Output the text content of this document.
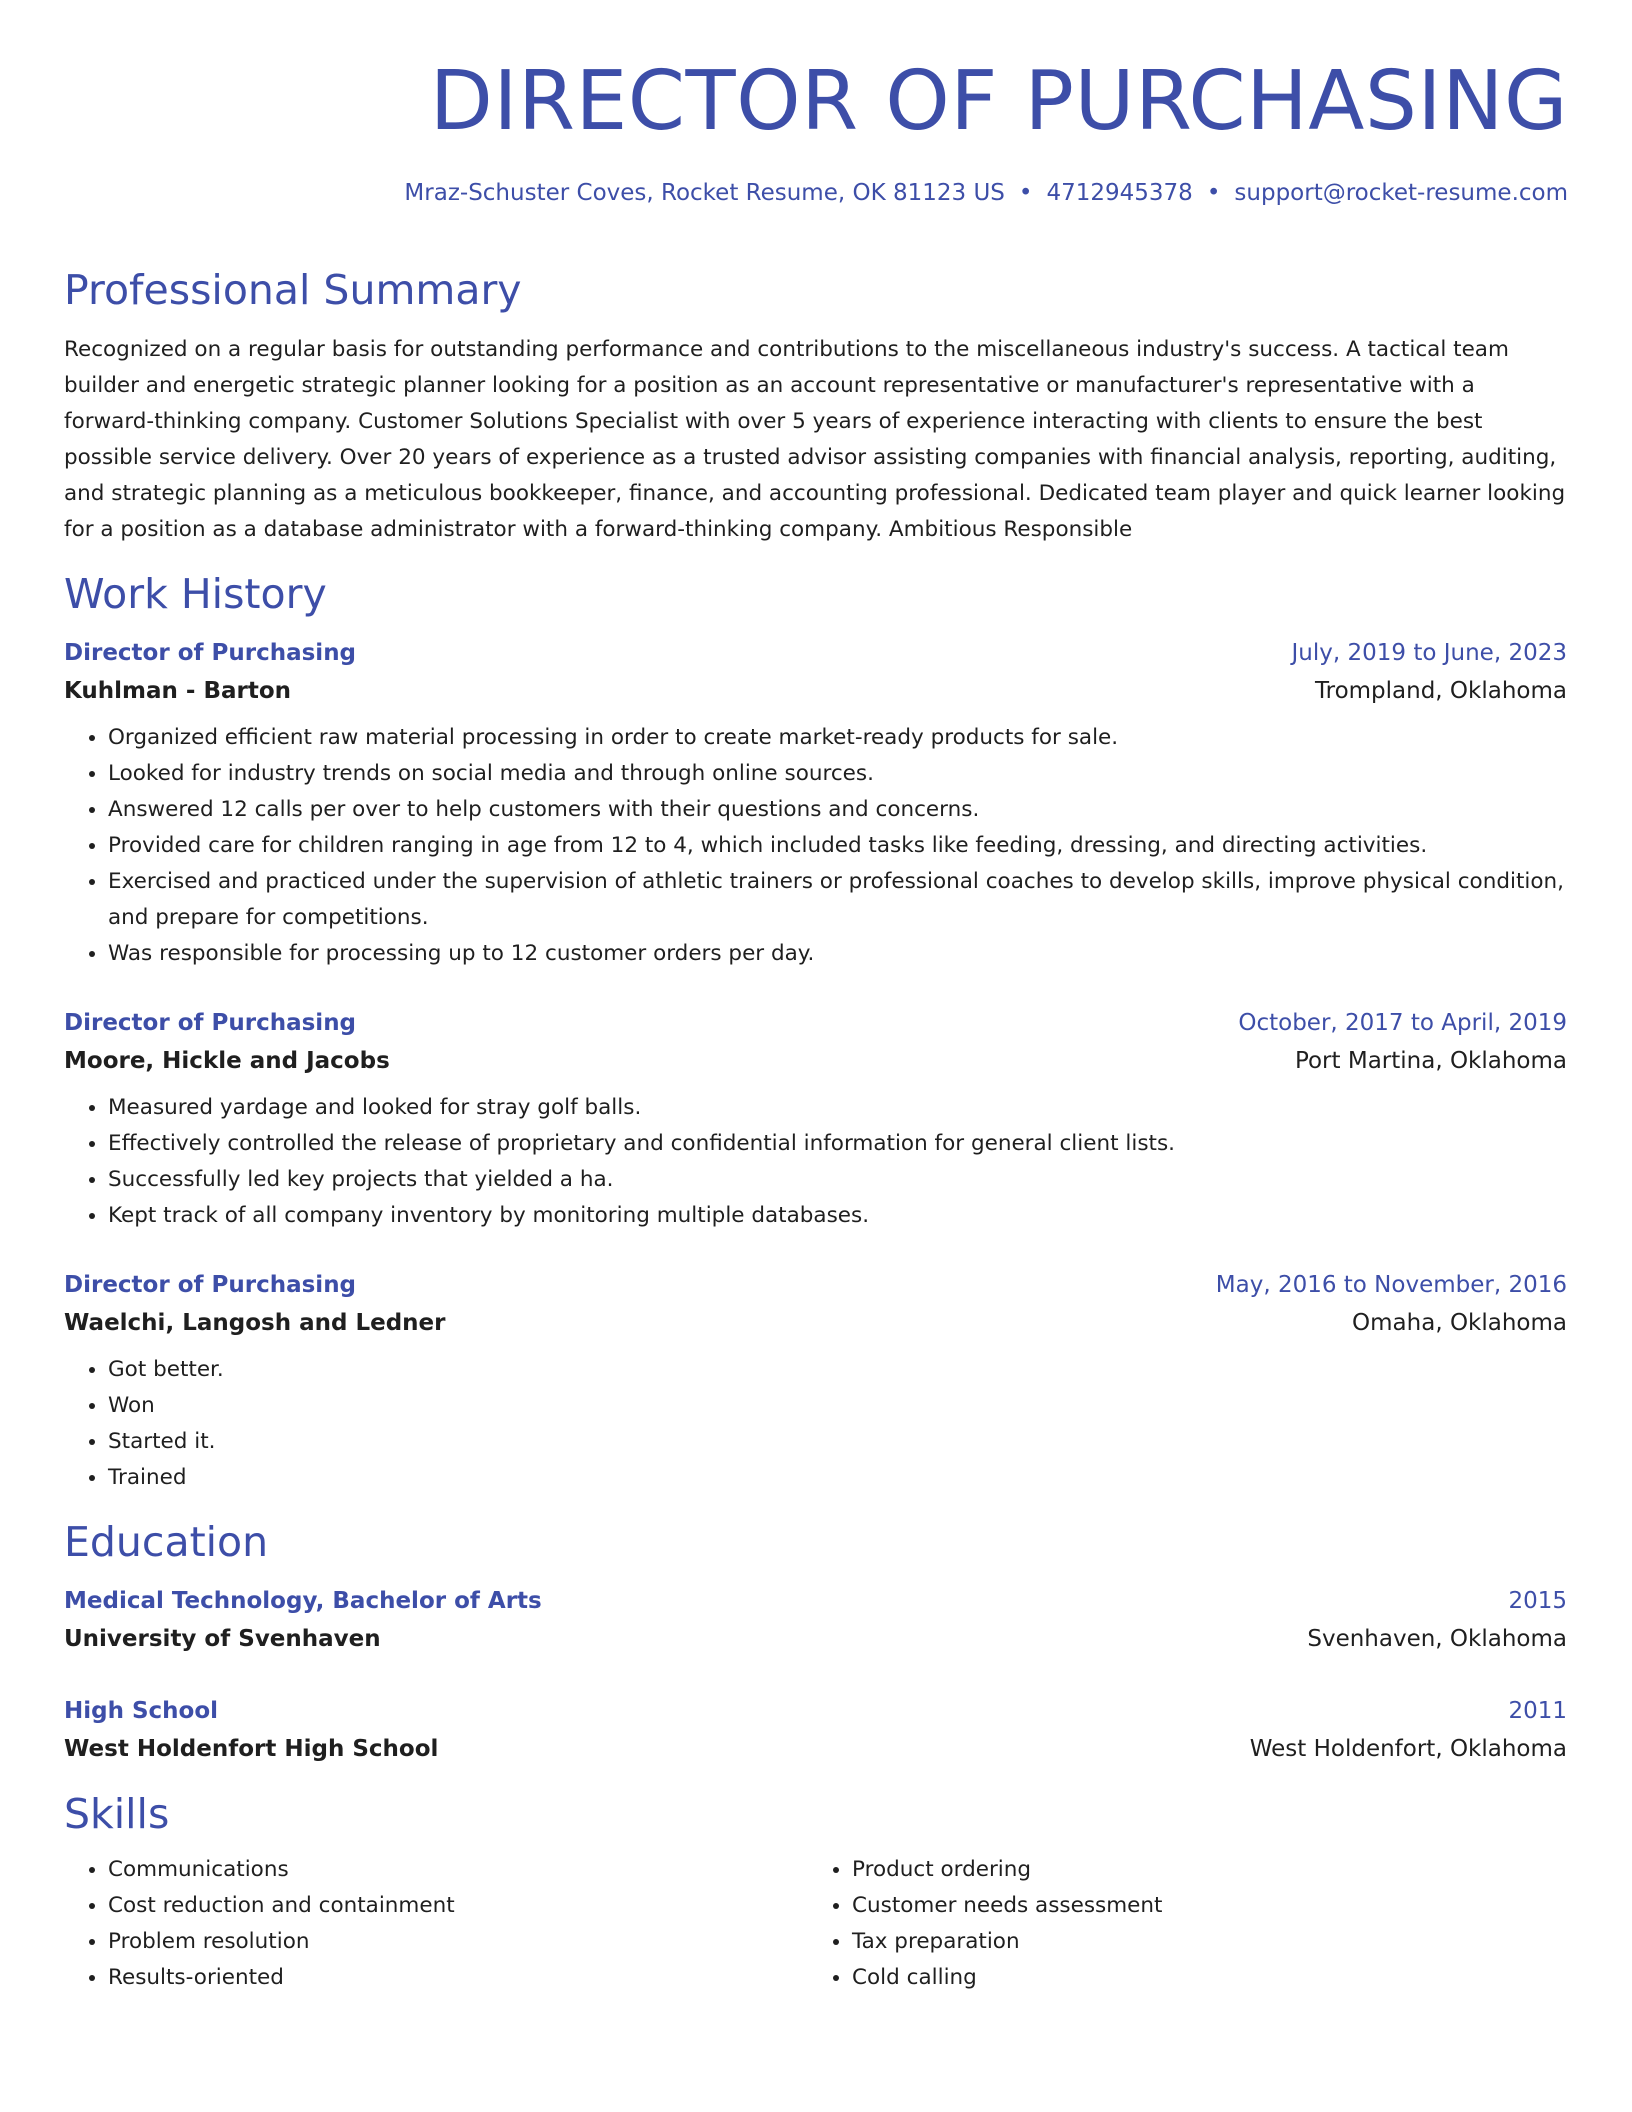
DIRECTOR OF PURCHASING
Mraz-Schuster Coves, Rocket Resume, OK 81123 US • 4712945378 • support@rocket-resume.com
Professional Summary

Recognized on a regular basis for outstanding performance and contributions to the miscellaneous industry's success. A tactical team builder and energetic strategic planner looking for a position as an account representative or manufacturer's representative with a forward-thinking company. Customer Solutions Specialist with over 5 years of experience interacting with clients to ensure the best possible service delivery. Over 20 years of experience as a trusted advisor assisting companies with financial analysis, reporting, auditing, and strategic planning as a meticulous bookkeeper, finance, and accounting professional. Dedicated team player and quick learner looking for a position as a database administrator with a forward-thinking company. Ambitious Responsible

Work History
Director of Purchasing	July, 2019 to June, 2023
Kuhlman - Barton	Trompland, Oklahoma
• Organized efficient raw material processing in order to create market-ready products for sale.
• Looked for industry trends on social media and through online sources.
• Answered 12 calls per over to help customers with their questions and concerns.
• Provided care for children ranging in age from 12 to 4, which included tasks like feeding, dressing, and directing activities.
• Exercised and practiced under the supervision of athletic trainers or professional coaches to develop skills, improve physical condition, and prepare for competitions.
• Was responsible for processing up to 12 customer orders per day.
Director of Purchasing	October, 2017 to April, 2019
Moore, Hickle and Jacobs	Port Martina, Oklahoma
• Measured yardage and looked for stray golf balls.
• Effectively controlled the release of proprietary and confidential information for general client lists.
• Successfully led key projects that yielded a ha.
• Kept track of all company inventory by monitoring multiple databases.
Director of Purchasing	May, 2016 to November, 2016
Waelchi, Langosh and Ledner	Omaha, Oklahoma
• Got better.
• Won
• Started it.
• Trained
Education
Medical Technology, Bachelor of Arts	2015
University of Svenhaven	Svenhaven, Oklahoma
High School	2011
West Holdenfort High School	West Holdenfort, Oklahoma
Skills
• Communications
• Cost reduction and containment
• Problem resolution
• Results-oriented
• Product ordering
• Customer needs assessment
• Tax preparation
• Cold calling
